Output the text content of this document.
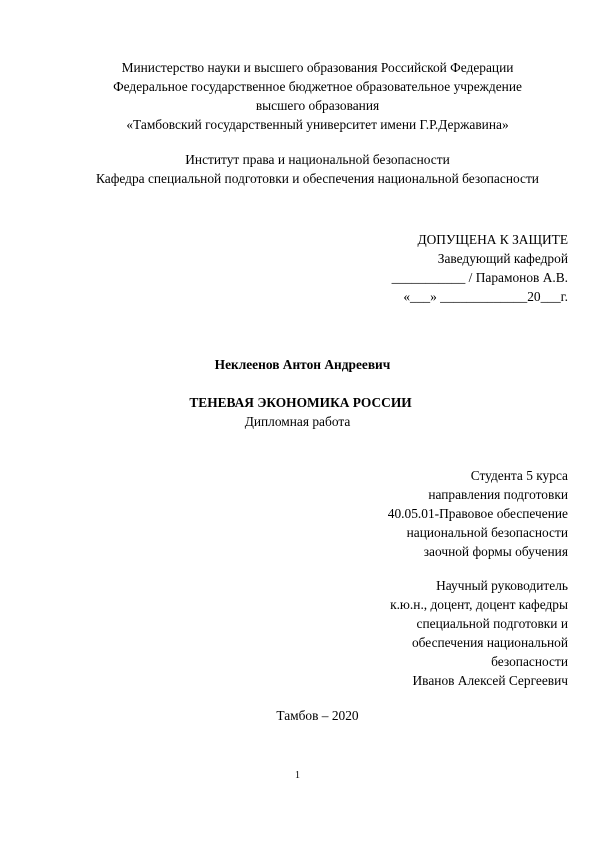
Министерство науки и высшего образования Российской Федерации
Федеральное государственное бюджетное образовательное учреждение
высшего образования
«Тамбовский государственный университет имени Г.Р.Державина»
Институт права и национальной безопасности
Кафедра специальной подготовки и обеспечения национальной безопасности
ДОПУЩЕНА К ЗАЩИТЕ
Заведующий кафедрой
___________ / Парамонов А.В.
«___» _____________20___г.
Неклеенов Антон Андреевич
ТЕНЕВАЯ ЭКОНОМИКА РОССИИ
Дипломная работа
Студента 5 курса
направления подготовки
40.05.01-Правовое обеспечение
национальной безопасности
заочной формы обучения
Научный руководитель
к.ю.н., доцент, доцент кафедры
специальной подготовки и
обеспечения национальной
безопасности
Иванов Алексей Сергеевич
Тамбов – 2020
1
